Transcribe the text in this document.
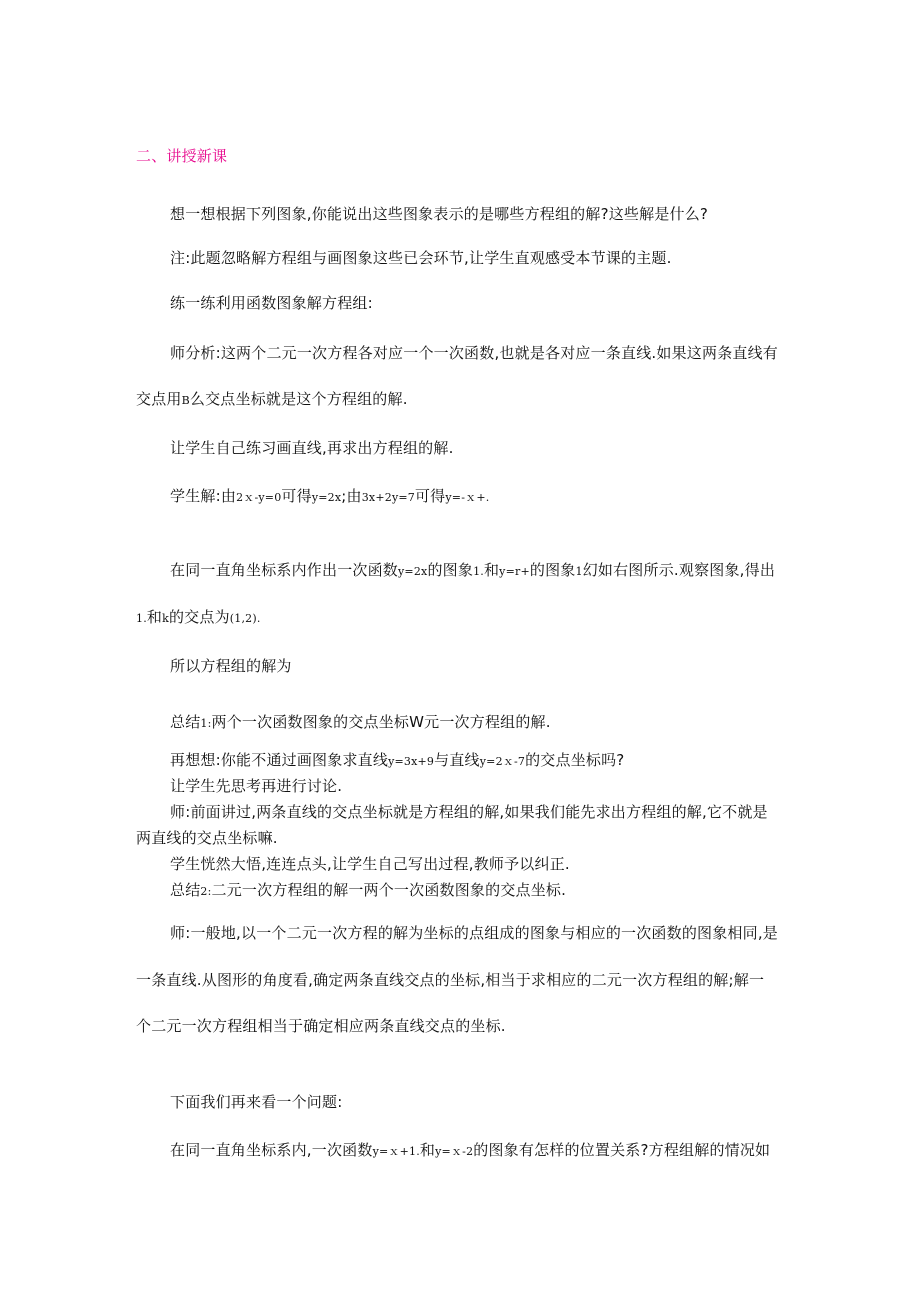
二、讲授新课
想一想根据下列图象,你能说出这些图象表示的是哪些方程组的解?这些解是什么?
注:此题忽略解方程组与画图象这些已会环节,让学生直观感受本节课的主题.
练一练利用函数图象解方程组:
师分析:这两个二元一次方程各对应一个一次函数,也就是各对应一条直线.如果这两条直线有
交点用B么交点坐标就是这个方程组的解.
让学生自己练习画直线,再求出方程组的解.
学生解:由2ｘ-y=0可得y=2x;由3x+2y=7可得y=-ｘ+.
在同一直角坐标系内作出一次函数y=2x的图象1.和y=r+的图象1幻如右图所示.观察图象,得出
1.和k的交点为(1,2).
所以方程组的解为
总结1:两个一次函数图象的交点坐标W元一次方程组的解.
再想想:你能不通过画图象求直线y=3x+9与直线y=2ｘ-7的交点坐标吗?
让学生先思考再进行讨论.
师:前面讲过,两条直线的交点坐标就是方程组的解,如果我们能先求出方程组的解,它不就是
两直线的交点坐标嘛.
学生恍然大悟,连连点头,让学生自己写出过程,教师予以纠正.
总结2:二元一次方程组的解一两个一次函数图象的交点坐标.
师:一般地,以一个二元一次方程的解为坐标的点组成的图象与相应的一次函数的图象相同,是
一条直线.从图形的角度看,确定两条直线交点的坐标,相当于求相应的二元一次方程组的解;解一
个二元一次方程组相当于确定相应两条直线交点的坐标.
下面我们再来看一个问题:
在同一直角坐标系内,一次函数y=ｘ+1.和y=ｘ-2的图象有怎样的位置关系?方程组解的情况如
